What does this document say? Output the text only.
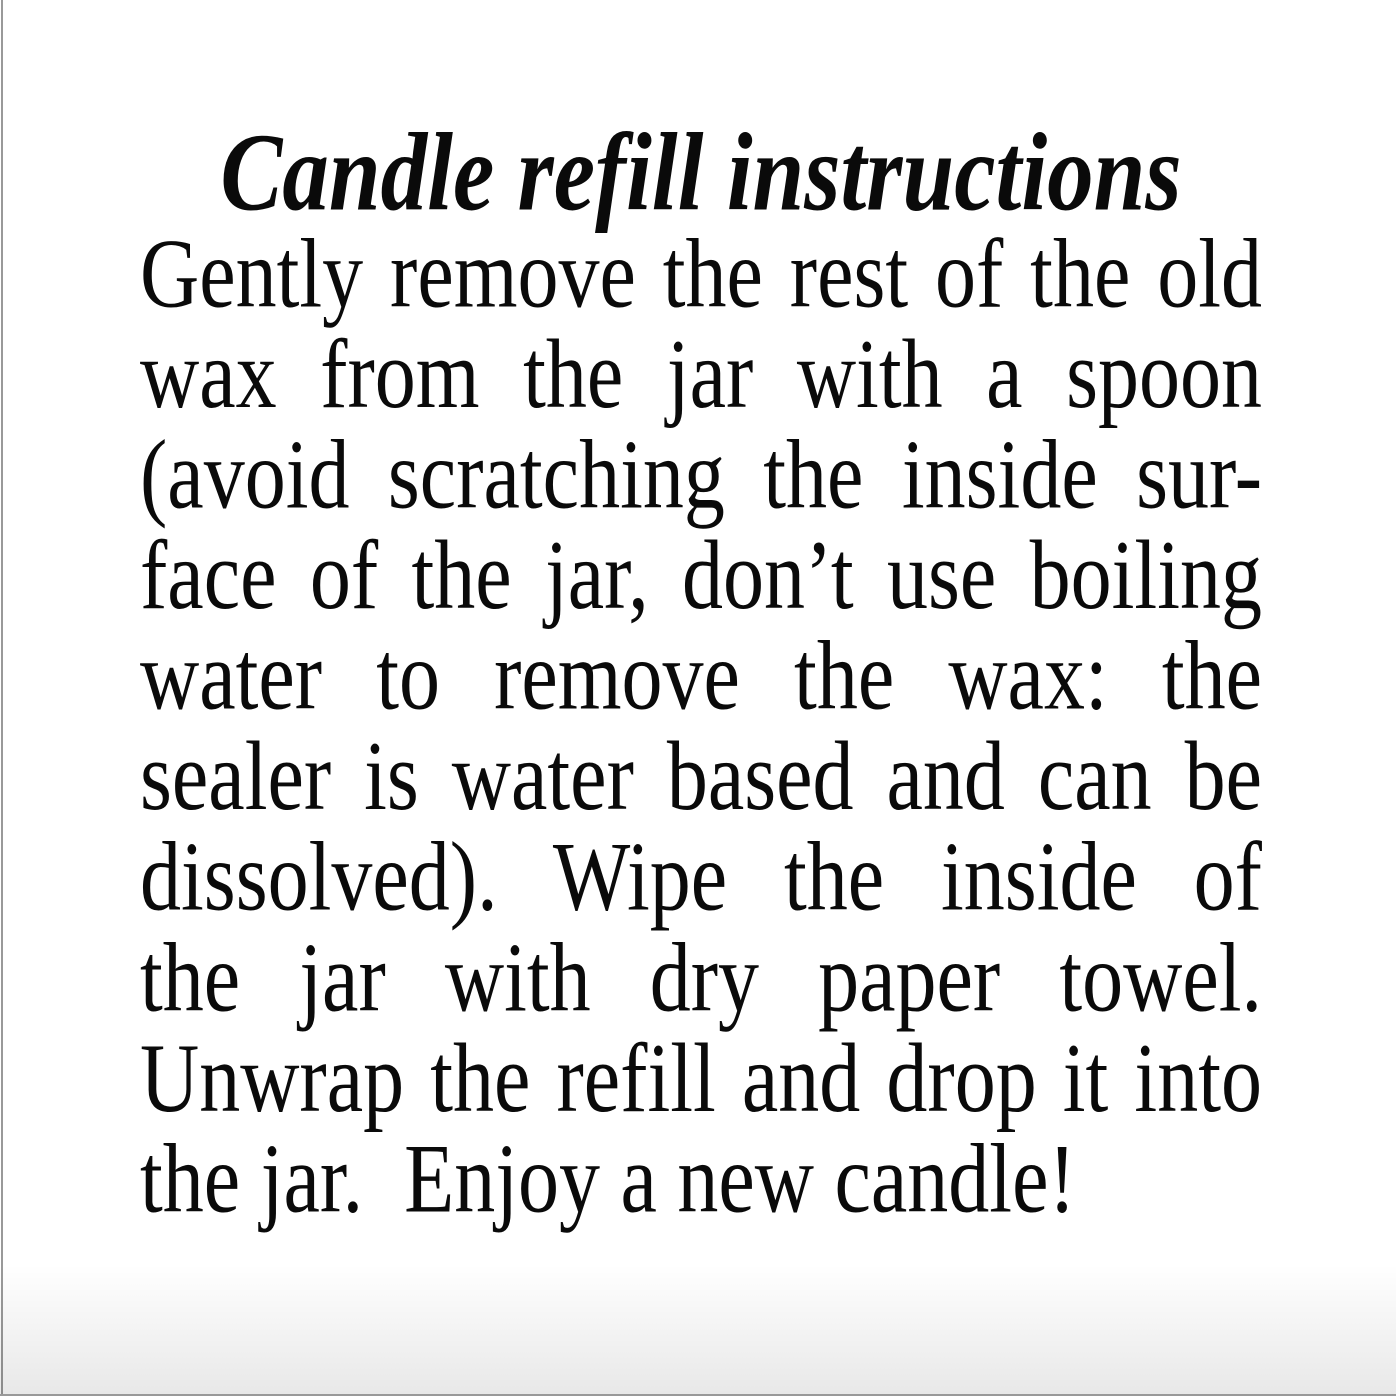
Candle refill instructions
Gently remove the rest of the old
wax from the jar with a spoon
(avoid scratching the inside sur-
face of the jar, don’t use boiling
water to remove the wax: the
sealer is water based and can be
dissolved). Wipe the inside of
the jar with dry paper towel.
Unwrap the refill and drop it into
the jar.  Enjoy a new candle!
